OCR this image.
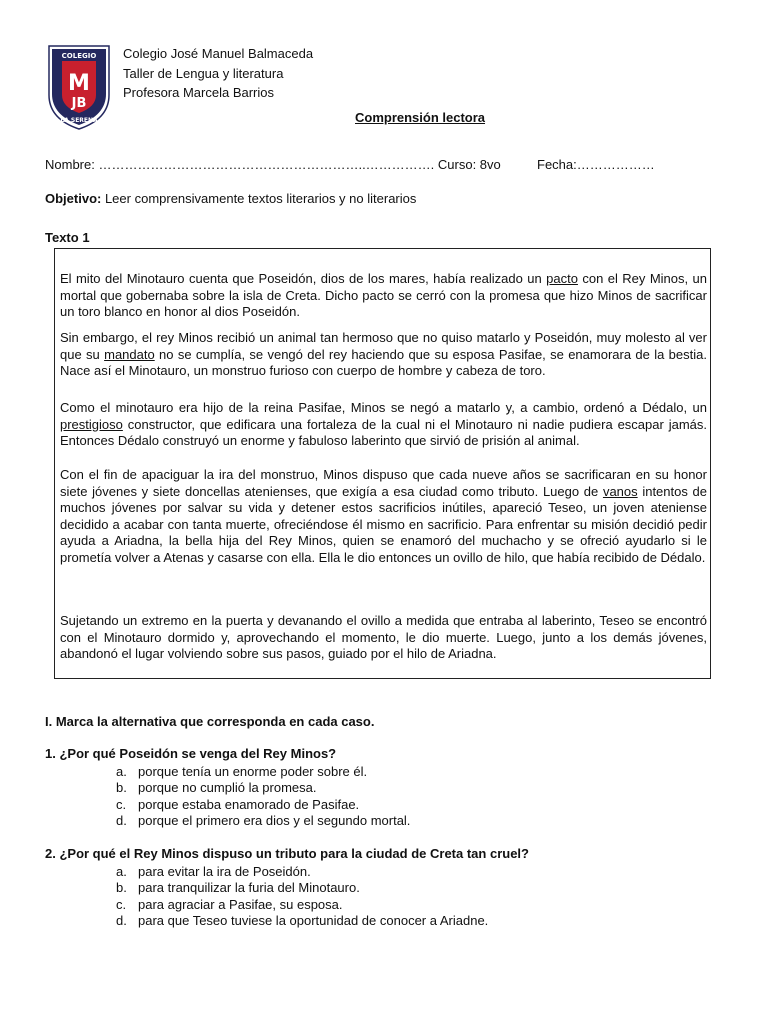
COLEGIO
M
JB
LA SERENA
Colegio José Manuel Balmaceda
Taller de Lengua y literatura
Profesora Marcela Barrios
Comprensión lectora
Nombre: ……………………………………………………..……………. Curso: 8vo	Fecha:………………
Objetivo: Leer comprensivamente textos literarios y no literarios
Texto 1

El mito del Minotauro cuenta que Poseidón, dios de los mares, había realizado un pacto con el Rey Minos, un mortal que gobernaba sobre la isla de Creta. Dicho pacto se cerró con la promesa que hizo Minos de sacrificar un toro blanco en honor al dios Poseidón.

Sin embargo, el rey Minos recibió un animal tan hermoso que no quiso matarlo y Poseidón, muy molesto al ver que su mandato no se cumplía, se vengó del rey haciendo que su esposa Pasifae, se enamorara de la bestia. Nace así el Minotauro, un monstruo furioso con cuerpo de hombre y cabeza de toro.

Como el minotauro era hijo de la reina Pasifae, Minos se negó a matarlo y, a cambio, ordenó a Dédalo, un prestigioso constructor, que edificara una fortaleza de la cual ni el Minotauro ni nadie pudiera escapar jamás. Entonces Dédalo construyó un enorme y fabuloso laberinto que sirvió de prisión al animal.

Con el fin de apaciguar la ira del monstruo, Minos dispuso que cada nueve años se sacrificaran en su honor siete jóvenes y siete doncellas atenienses, que exigía a esa ciudad como tributo. Luego de vanos intentos de muchos jóvenes por salvar su vida y detener estos sacrificios inútiles, apareció Teseo, un joven ateniense decidido a acabar con tanta muerte, ofreciéndose él mismo en sacrificio. Para enfrentar su misión decidió pedir ayuda a Ariadna, la bella hija del Rey Minos, quien se enamoró del muchacho y se ofreció ayudarlo si le prometía volver a Atenas y casarse con ella. Ella le dio entonces un ovillo de hilo, que había recibido de Dédalo.

Sujetando un extremo en la puerta y devanando el ovillo a medida que entraba al laberinto, Teseo se encontró con el Minotauro dormido y, aprovechando el momento, le dio muerte. Luego, junto a los demás jóvenes, abandonó el lugar volviendo sobre sus pasos, guiado por el hilo de Ariadna.

I. Marca la alternativa que corresponda en cada caso.
1. ¿Por qué Poseidón se venga del Rey Minos?
a. porque tenía un enorme poder sobre él.
b. porque no cumplió la promesa.
c. porque estaba enamorado de Pasifae.
d. porque el primero era dios y el segundo mortal.
2. ¿Por qué el Rey Minos dispuso un tributo para la ciudad de Creta tan cruel?
a. para evitar la ira de Poseidón.
b. para tranquilizar la furia del Minotauro.
c. para agraciar a Pasifae, su esposa.
d. para que Teseo tuviese la oportunidad de conocer a Ariadne.
